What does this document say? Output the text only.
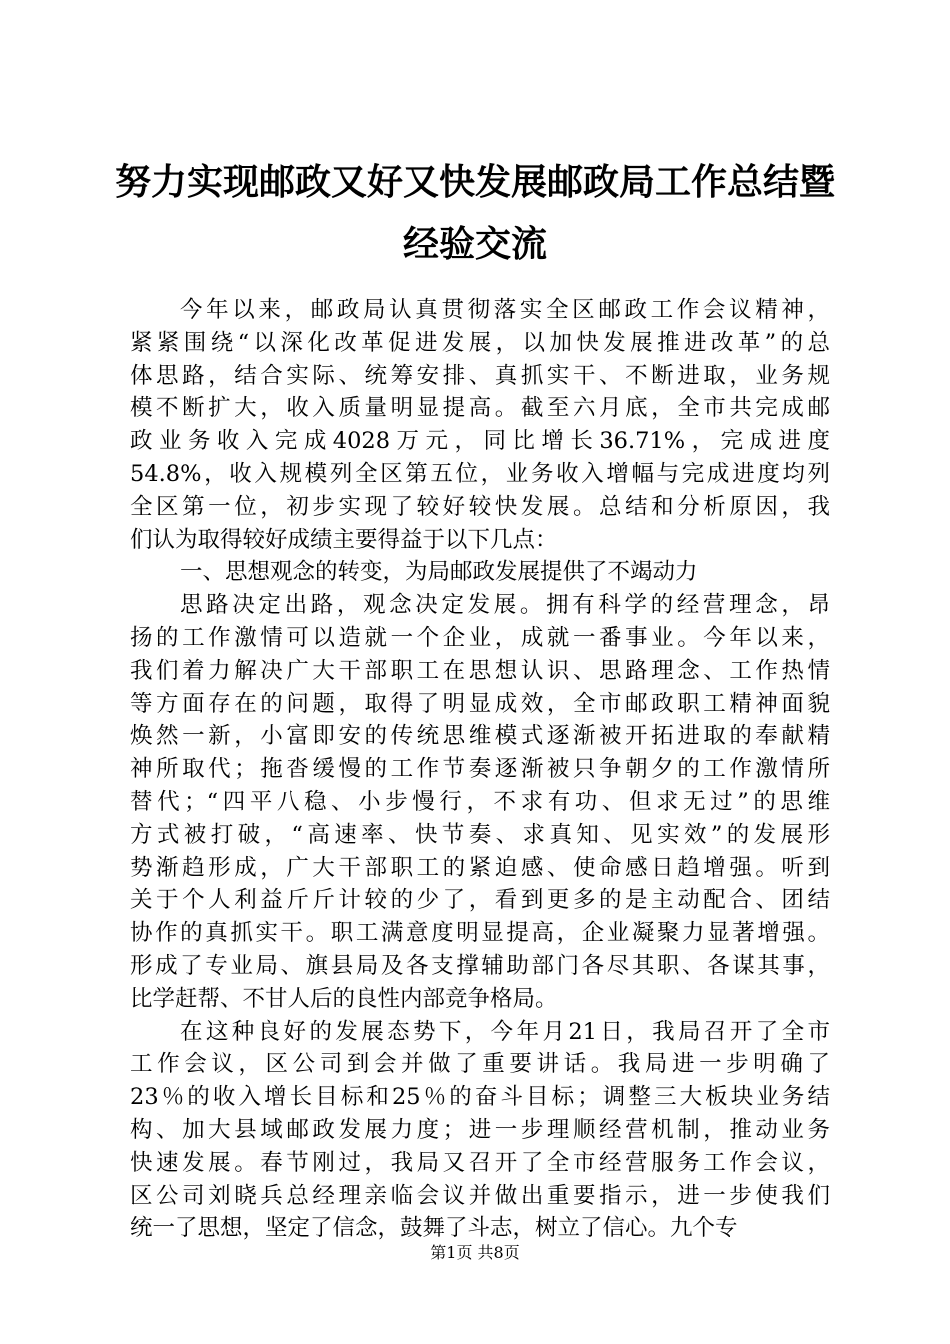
努力实现邮政又好又快发展邮政局工作总结暨
经验交流
今年以来，邮政局认真贯彻落实全区邮政工作会议精神，
紧紧围绕“以深化改革促进发展，以加快发展推进改革”的总
体思路，结合实际、统筹安排、真抓实干、不断进取，业务规
模不断扩大，收入质量明显提高。截至六月底，全市共完成邮
政业务收入完成4028万元，同比增长36.71%，完成进度
54.8%，收入规模列全区第五位，业务收入增幅与完成进度均列
全区第一位，初步实现了较好较快发展。总结和分析原因，我
们认为取得较好成绩主要得益于以下几点：
一、思想观念的转变，为局邮政发展提供了不竭动力
思路决定出路，观念决定发展。拥有科学的经营理念，昂
扬的工作激情可以造就一个企业，成就一番事业。今年以来，
我们着力解决广大干部职工在思想认识、思路理念、工作热情
等方面存在的问题，取得了明显成效，全市邮政职工精神面貌
焕然一新，小富即安的传统思维模式逐渐被开拓进取的奉献精
神所取代；拖沓缓慢的工作节奏逐渐被只争朝夕的工作激情所
替代；“四平八稳、小步慢行，不求有功、但求无过”的思维
方式被打破，“高速率、快节奏、求真知、见实效”的发展形
势渐趋形成，广大干部职工的紧迫感、使命感日趋增强。听到
关于个人利益斤斤计较的少了，看到更多的是主动配合、团结
协作的真抓实干。职工满意度明显提高，企业凝聚力显著增强。
形成了专业局、旗县局及各支撑辅助部门各尽其职、各谋其事，
比学赶帮、不甘人后的良性内部竞争格局。
在这种良好的发展态势下，今年月21日，我局召开了全市
工作会议，区公司到会并做了重要讲话。我局进一步明确了
23％的收入增长目标和25％的奋斗目标；调整三大板块业务结
构、加大县域邮政发展力度；进一步理顺经营机制，推动业务
快速发展。春节刚过，我局又召开了全市经营服务工作会议，
区公司刘晓兵总经理亲临会议并做出重要指示，进一步使我们
统一了思想，坚定了信念，鼓舞了斗志，树立了信心。九个专
第1页 共8页
